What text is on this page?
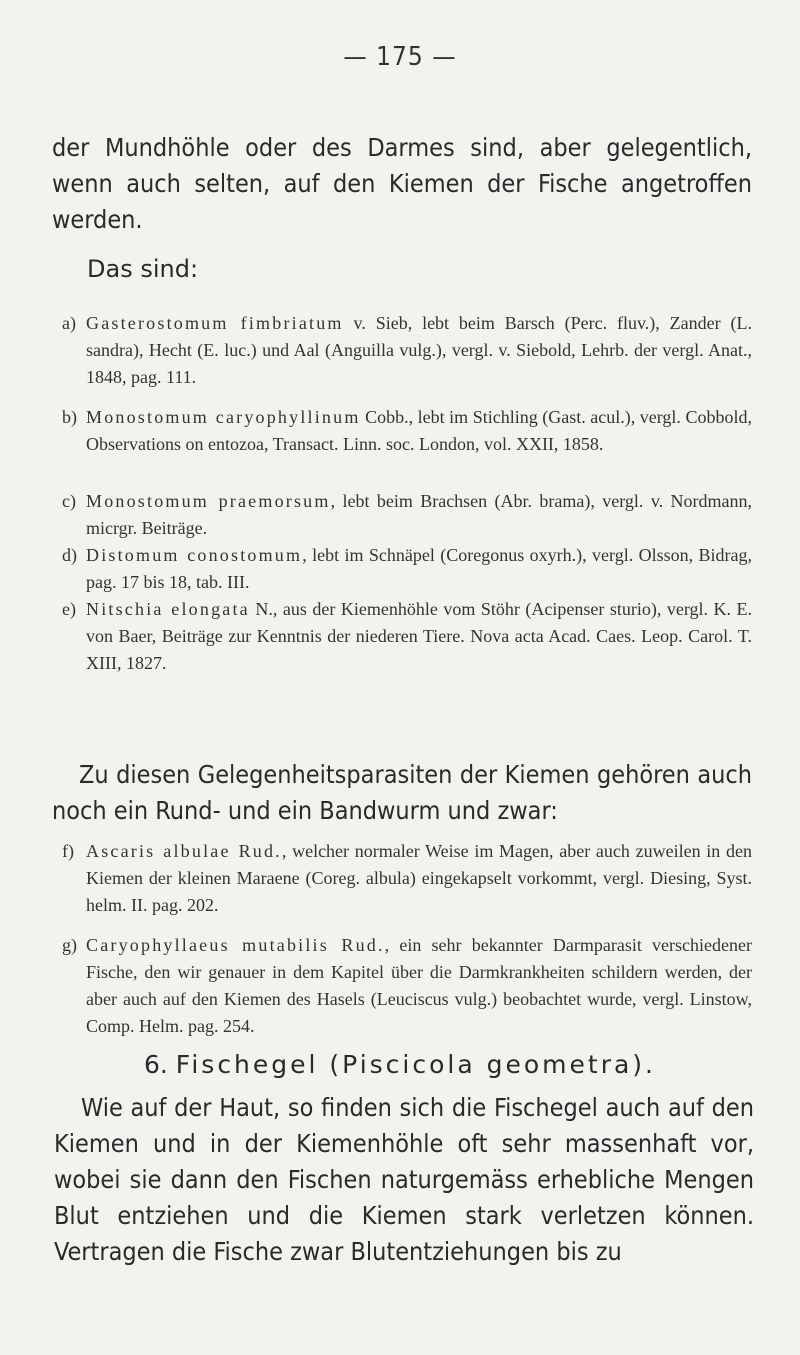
— 175 —
der Mundhöhle oder des Darmes sind, aber gelegentlich, wenn auch selten, auf den Kiemen der Fische angetroffen werden.
Das sind:
a) Gasterostomum fimbriatum v. Sieb, lebt beim Barsch (Perc. fluv.), Zander (L. sandra), Hecht (E. luc.) und Aal (Anguilla vulg.), vergl. v. Siebold, Lehrb. der vergl. Anat., 1848, pag. 111.
b) Monostomum caryophyllinum Cobb., lebt im Stichling (Gast. acul.), vergl. Cobbold, Observations on entozoa, Transact. Linn. soc. London, vol. XXII, 1858.
c) Monostomum praemorsum, lebt beim Brachsen (Abr. brama), vergl. v. Nordmann, micrgr. Beiträge.
d) Distomum conostomum, lebt im Schnäpel (Coregonus oxyrh.), vergl. Olsson, Bidrag, pag. 17 bis 18, tab. III.
e) Nitschia elongata N., aus der Kiemenhöhle vom Stöhr (Acipenser sturio), vergl. K. E. von Baer, Beiträge zur Kenntnis der niederen Tiere. Nova acta Acad. Caes. Leop. Carol. T. XIII, 1827.
Zu diesen Gelegenheitsparasiten der Kiemen gehören auch noch ein Rund- und ein Bandwurm und zwar:
f) Ascaris albulae Rud., welcher normaler Weise im Magen, aber auch zuweilen in den Kiemen der kleinen Maraene (Coreg. albula) eingekapselt vorkommt, vergl. Diesing, Syst. helm. II. pag. 202.
g) Caryophyllaeus mutabilis Rud., ein sehr bekannter Darmparasit verschiedener Fische, den wir genauer in dem Kapitel über die Darmkrankheiten schildern werden, der aber auch auf den Kiemen des Hasels (Leuciscus vulg.) beobachtet wurde, vergl. Linstow, Comp. Helm. pag. 254.
6. Fischegel (Piscicola geometra).
Wie auf der Haut, so finden sich die Fischegel auch auf den Kiemen und in der Kiemenhöhle oft sehr massenhaft vor, wobei sie dann den Fischen naturgemäss erhebliche Mengen Blut entziehen und die Kiemen stark verletzen können. Vertragen die Fische zwar Blutentziehungen bis zu
